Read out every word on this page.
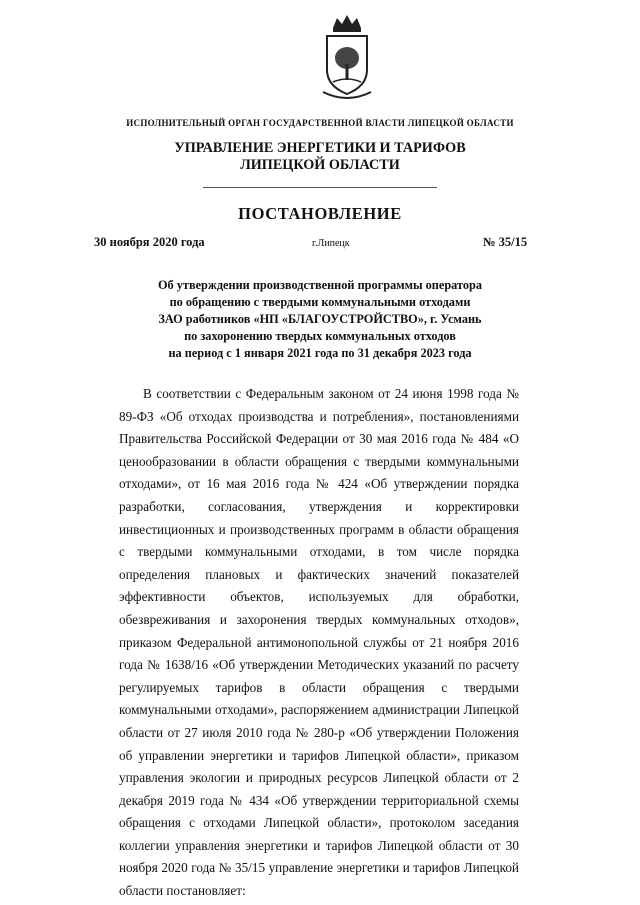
ИСПОЛНИТЕЛЬНЫЙ ОРГАН ГОСУДАРСТВЕННОЙ ВЛАСТИ ЛИПЕЦКОЙ ОБЛАСТИ
УПРАВЛЕНИЕ ЭНЕРГЕТИКИ И ТАРИФОВ
ЛИПЕЦКОЙ ОБЛАСТИ
ПОСТАНОВЛЕНИЕ
30 ноября 2020 года	г.Липецк	№ 35/15
Об утверждении производственной программы оператора
по обращению с твердыми коммунальными отходами
ЗАО работников «НП «БЛАГОУСТРОЙСТВО», г. Усмань
по захоронению твердых коммунальных отходов
на период с 1 января 2021 года по 31 декабря 2023 года

В соответствии с Федеральным законом от 24 июня 1998 года № 89-ФЗ «Об отходах производства и потребления», постановлениями Правительства Российской Федерации от 30 мая 2016 года № 484 «О ценообразовании в области обращения с твердыми коммунальными отходами», от 16 мая 2016 года № 424 «Об утверждении порядка разработки, согласования, утверждения и корректировки инвестиционных и производственных программ в области обращения с твердыми коммунальными отходами, в том числе порядка определения плановых и фактических значений показателей эффективности объектов, используемых для обработки, обезвреживания и захоронения твердых коммунальных отходов», приказом Федеральной антимонопольной службы от 21 ноября 2016 года № 1638/16 «Об утверждении Методических указаний по расчету регулируемых тарифов в области обращения с твердыми коммунальными отходами», распоряжением администрации Липецкой области от 27 июля 2010 года № 280-р «Об утверждении Положения об управлении энергетики и тарифов Липецкой области», приказом управления экологии и природных ресурсов Липецкой области от 2 декабря 2019 года № 434 «Об утверждении территориальной схемы обращения с отходами Липецкой области», протоколом заседания коллегии управления энергетики и тарифов Липецкой области от 30 ноября 2020 года № 35/15 управление энергетики и тарифов Липецкой области постановляет:
